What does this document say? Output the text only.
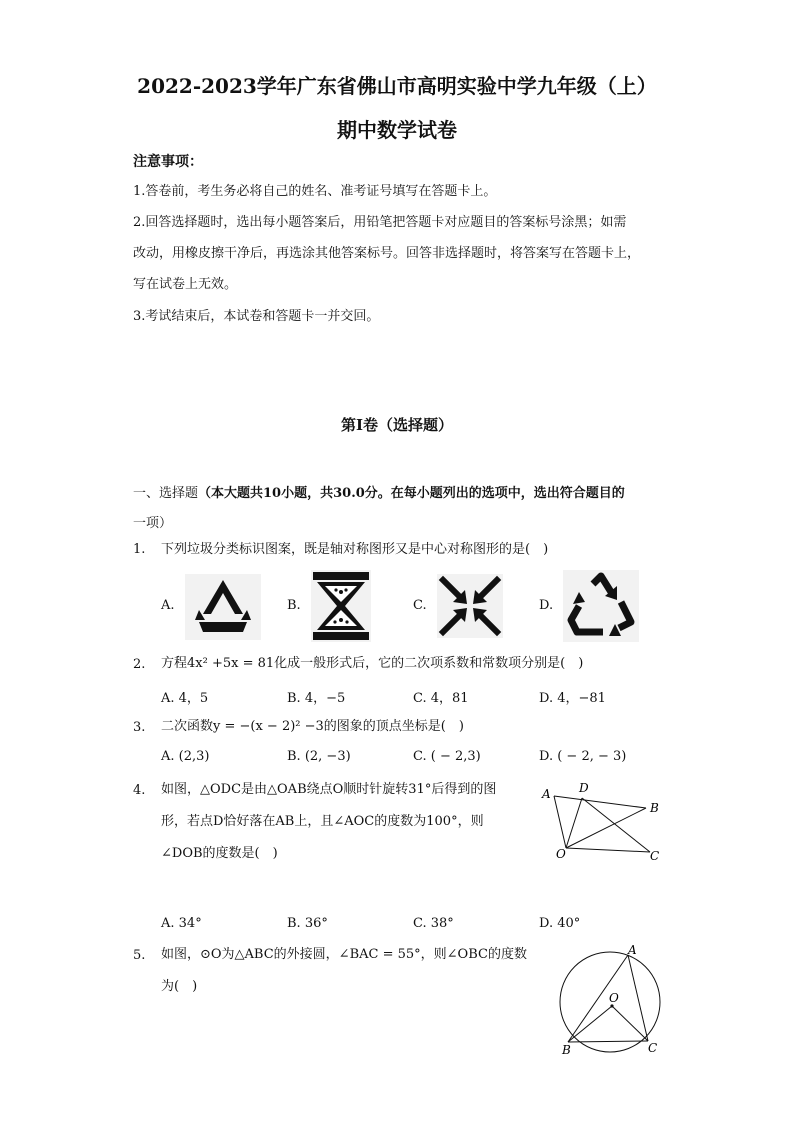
2022-2023学年广东省佛山市高明实验中学九年级（上）
期中数学试卷
注意事项：
1.答卷前，考生务必将自己的姓名、准考证号填写在答题卡上。
2.回答选择题时，选出每小题答案后，用铅笔把答题卡对应题目的答案标号涂黑；如需
改动，用橡皮擦干净后，再选涂其他答案标号。回答非选择题时，将答案写在答题卡上，
写在试卷上无效。
3.考试结束后，本试卷和答题卡一并交回。
第Ⅰ卷（选择题）
一、选择题（本大题共10小题，共30.0分。在每小题列出的选项中，选出符合题目的
一项）
1. 下列垃圾分类标识图案，既是轴对称图形又是中心对称图形的是(　)
A.	B.	C.	D.
2. 方程4x² +5x = 81化成一般形式后，它的二次项系数和常数项分别是(　)
A. 4，5	B. 4，−5	C. 4，81	D. 4，−81
3. 二次函数y = −(x − 2)² −3的图象的顶点坐标是(　)
A. (2,3)	B. (2, −3)	C. ( − 2,3)	D. ( − 2, − 3)
4. 如图，△ODC是由△OAB绕点O顺时针旋转31°后得到的图
形，若点D恰好落在AB上，且∠AOC的度数为100°，则
∠DOB的度数是(　)
A D
B
O	C
A. 34°	B. 36°	C. 38°	D. 40°
5. 如图，⊙O为△ABC的外接圆，∠BAC = 55°，则∠OBC的度数
为(　)
A
O
B	C
